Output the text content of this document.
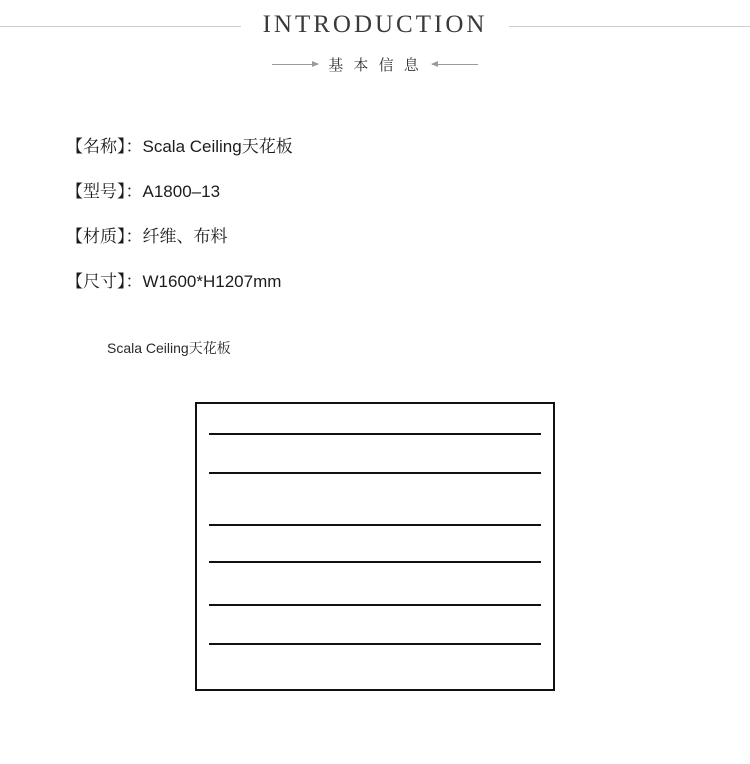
INTRODUCTION
基 本 信 息
【名称】：Scala Ceiling天花板
【型号】：A1800–13
【材质】：纤维、布料
【尺寸】：W1600*H1207mm
Scala Ceiling天花板
